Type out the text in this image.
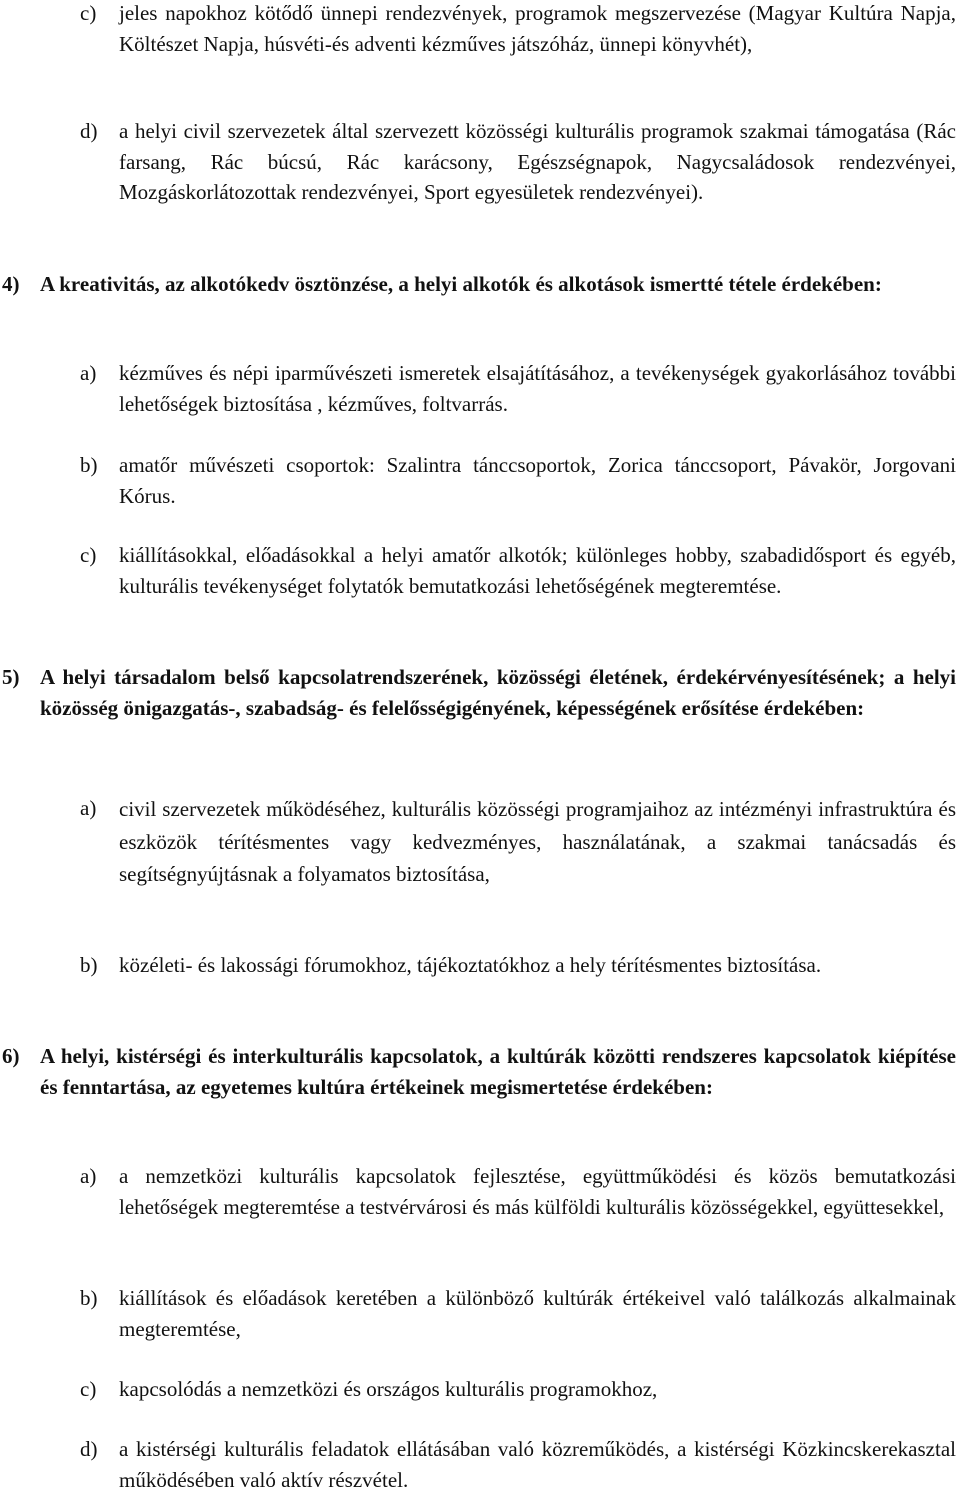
c)	jeles napokhoz kötődő ünnepi rendezvények, programok megszervezése (Magyar Kultúra Napja, Költészet Napja, húsvéti-és adventi kézműves játszóház, ünnepi könyvhét),
d)	a helyi civil szervezetek által szervezett közösségi kulturális programok szakmai támogatása (Rác farsang, Rác búcsú, Rác karácsony, Egészségnapok, Nagycsaládosok rendezvényei, Mozgáskorlátozottak rendezvényei, Sport egyesületek rendezvényei).
4) A kreativitás, az alkotókedv ösztönzése, a helyi alkotók és alkotások ismertté tétele érdekében:
a)	kézműves és népi iparművészeti ismeretek elsajátításához, a tevékenységek gyakorlásához további lehetőségek biztosítása , kézműves, foltvarrás.
b)	amatőr művészeti csoportok: Szalintra tánccsoportok, Zorica tánccsoport, Pávakör, Jorgovani Kórus.
c)	kiállításokkal, előadásokkal a helyi amatőr alkotók; különleges hobby, szabadidősport és egyéb, kulturális tevékenységet folytatók bemutatkozási lehetőségének megteremtése.
5) A helyi társadalom belső kapcsolatrendszerének, közösségi életének, érdekérvényesítésének; a helyi közösség önigazgatás-, szabadság- és felelősségigényének, képességének erősítése érdekében:
a)	civil szervezetek működéséhez, kulturális közösségi programjaihoz az intézményi infrastruktúra és eszközök térítésmentes vagy kedvezményes, használatának, a szakmai tanácsadás és segítségnyújtásnak a folyamatos biztosítása,
b)	közéleti- és lakossági fórumokhoz, tájékoztatókhoz a hely térítésmentes biztosítása.
6) A helyi, kistérségi és interkulturális kapcsolatok, a kultúrák közötti rendszeres kapcsolatok kiépítése és fenntartása, az egyetemes kultúra értékeinek megismertetése érdekében:
a)	a nemzetközi kulturális kapcsolatok fejlesztése, együttműködési és közös bemutatkozási lehetőségek megteremtése a testvérvárosi és más külföldi kulturális közösségekkel, együttesekkel,
b)	kiállítások és előadások keretében a különböző kultúrák értékeivel való találkozás alkalmainak megteremtése,
c)	kapcsolódás a nemzetközi és országos kulturális programokhoz,
d)	a kistérségi kulturális feladatok ellátásában való közreműködés, a kistérségi Közkincskerekasztal működésében való aktív részvétel.
